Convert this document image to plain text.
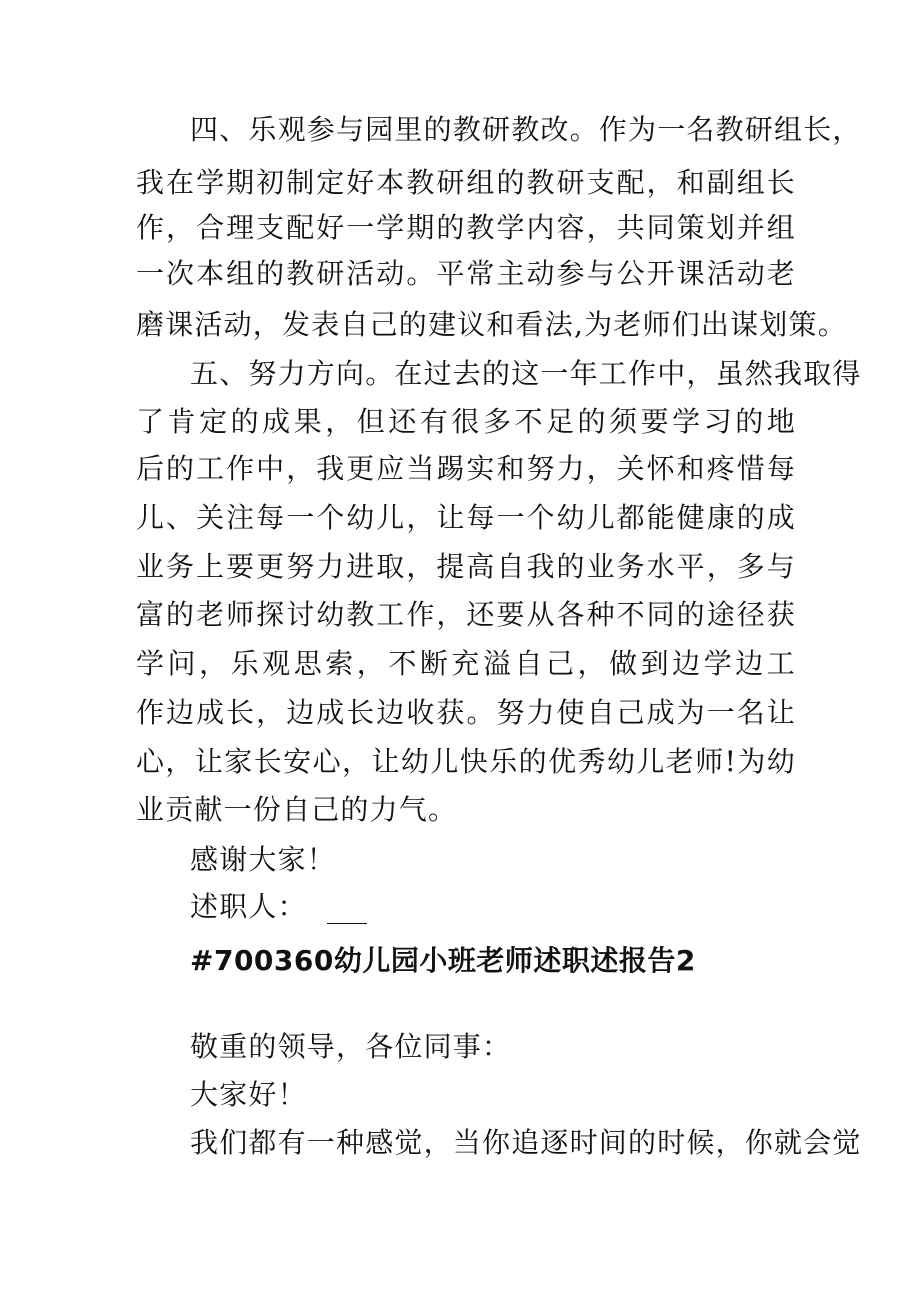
四、乐观参与园里的教研教改。作为一名教研组长，
我在学期初制定好本教研组的教研支配，和副组长
作，合理支配好一学期的教学内容，共同策划并组
一次本组的教研活动。平常主动参与公开课活动老
磨课活动，发表自己的建议和看法,为老师们出谋划策。
五、努力方向。在过去的这一年工作中，虽然我取得
了肯定的成果，但还有很多不足的须要学习的地
后的工作中，我更应当踢实和努力，关怀和疼惜每
儿、关注每一个幼儿，让每一个幼儿都能健康的成
业务上要更努力进取，提高自我的业务水平，多与
富的老师探讨幼教工作，还要从各种不同的途径获
学问，乐观思索，不断充溢自己，做到边学边工
作边成长，边成长边收获。努力使自己成为一名让
心，让家长安心，让幼儿快乐的优秀幼儿老师!为幼
业贡献一份自己的力气。
感谢大家！
述职人：
#700360幼儿园小班老师述职述报告2
敬重的领导，各位同事：
大家好！
我们都有一种感觉，当你追逐时间的时候，你就会觉
